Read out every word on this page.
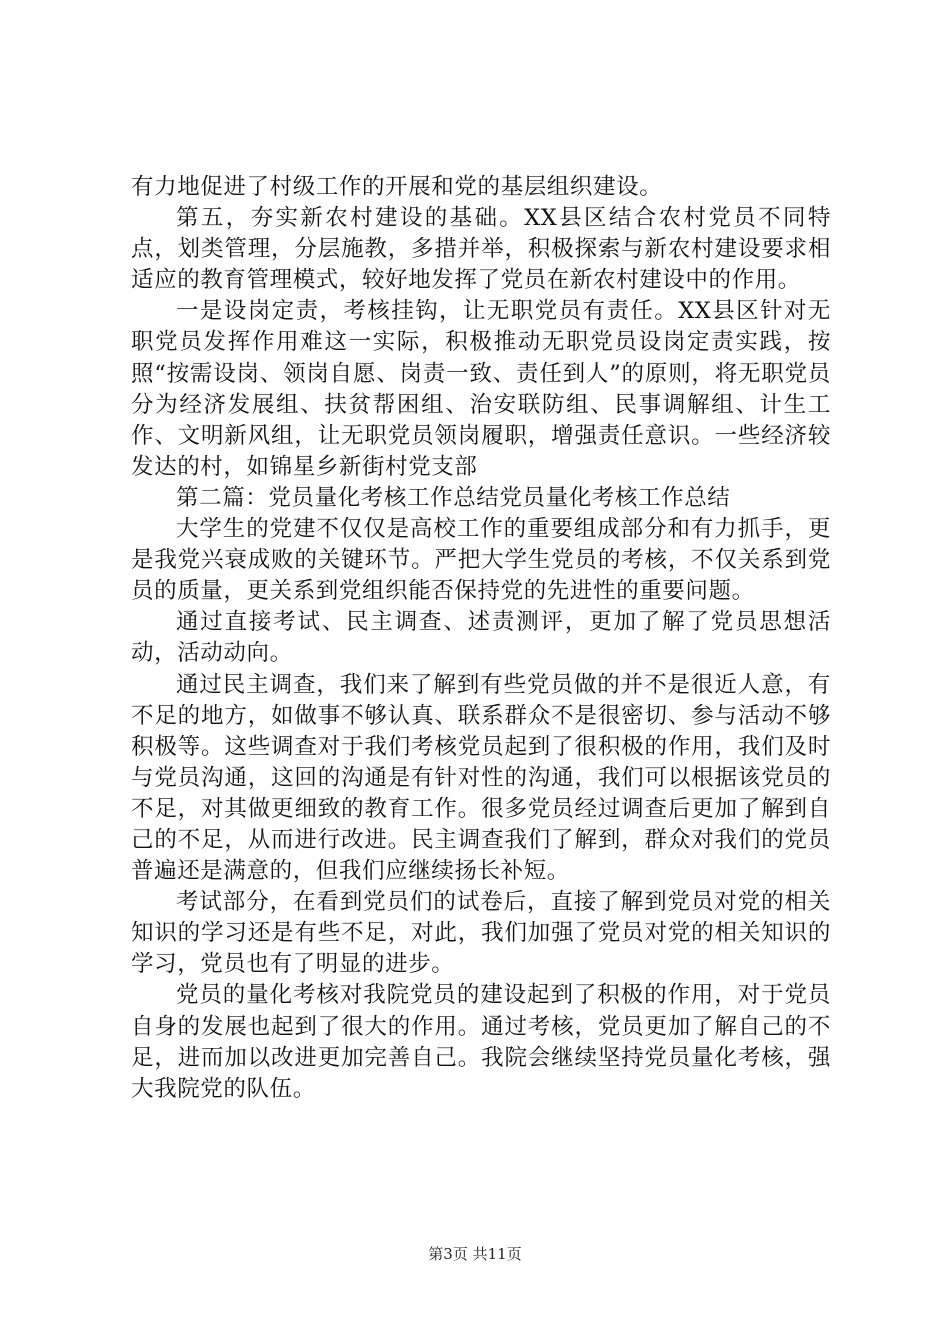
有力地促进了村级工作的开展和党的基层组织建设。

第五，夯实新农村建设的基础。XX县区结合农村党员不同特点，划类管理，分层施教，多措并举，积极探索与新农村建设要求相适应的教育管理模式，较好地发挥了党员在新农村建设中的作用。

一是设岗定责，考核挂钩，让无职党员有责任。XX县区针对无职党员发挥作用难这一实际，积极推动无职党员设岗定责实践，按照“按需设岗、领岗自愿、岗责一致、责任到人”的原则，将无职党员分为经济发展组、扶贫帮困组、治安联防组、民事调解组、计生工作、文明新风组，让无职党员领岗履职，增强责任意识。一些经济较发达的村，如锦星乡新街村党支部

第二篇：党员量化考核工作总结党员量化考核工作总结

大学生的党建不仅仅是高校工作的重要组成部分和有力抓手，更是我党兴衰成败的关键环节。严把大学生党员的考核，不仅关系到党员的质量，更关系到党组织能否保持党的先进性的重要问题。

通过直接考试、民主调查、述责测评，更加了解了党员思想活动，活动动向。

通过民主调查，我们来了解到有些党员做的并不是很近人意，有不足的地方，如做事不够认真、联系群众不是很密切、参与活动不够积极等。这些调查对于我们考核党员起到了很积极的作用，我们及时与党员沟通，这回的沟通是有针对性的沟通，我们可以根据该党员的不足，对其做更细致的教育工作。很多党员经过调查后更加了解到自己的不足，从而进行改进。民主调查我们了解到，群众对我们的党员普遍还是满意的，但我们应继续扬长补短。

考试部分，在看到党员们的试卷后，直接了解到党员对党的相关知识的学习还是有些不足，对此，我们加强了党员对党的相关知识的学习，党员也有了明显的进步。

党员的量化考核对我院党员的建设起到了积极的作用，对于党员自身的发展也起到了很大的作用。通过考核，党员更加了解自己的不足，进而加以改进更加完善自己。我院会继续坚持党员量化考核，强大我院党的队伍。

第3页 共11页
